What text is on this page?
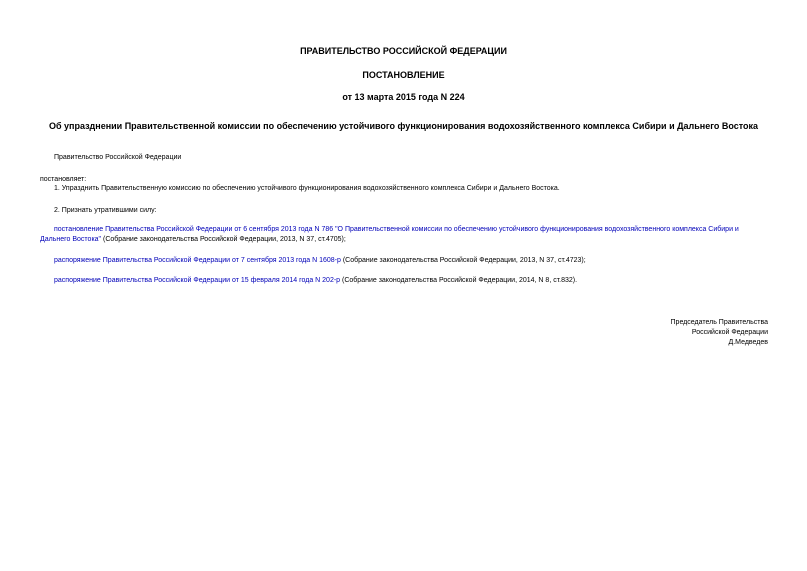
ПРАВИТЕЛЬСТВО РОССИЙСКОЙ ФЕДЕРАЦИИ
ПОСТАНОВЛЕНИЕ
от 13 марта 2015 года N 224
Об упразднении Правительственной комиссии по обеспечению устойчивого функционирования водохозяйственного комплекса Сибири и Дальнего Востока
Правительство Российской Федерации
постановляет:
1. Упразднить Правительственную комиссию по обеспечению устойчивого функционирования водохозяйственного комплекса Сибири и Дальнего Востока.
2. Признать утратившими силу:
постановление Правительства Российской Федерации от 6 сентября 2013 года N 786 "О Правительственной комиссии по обеспечению устойчивого функционирования водохозяйственного комплекса Сибири и
Дальнего Востока" (Собрание законодательства Российской Федерации, 2013, N 37, ст.4705);
распоряжение Правительства Российской Федерации от 7 сентября 2013 года N 1608-р (Собрание законодательства Российской Федерации, 2013, N 37, ст.4723);
распоряжение Правительства Российской Федерации от 15 февраля 2014 года N 202-р (Собрание законодательства Российской Федерации, 2014, N 8, ст.832).
Председатель Правительства
Российской Федерации
Д.Медведев
